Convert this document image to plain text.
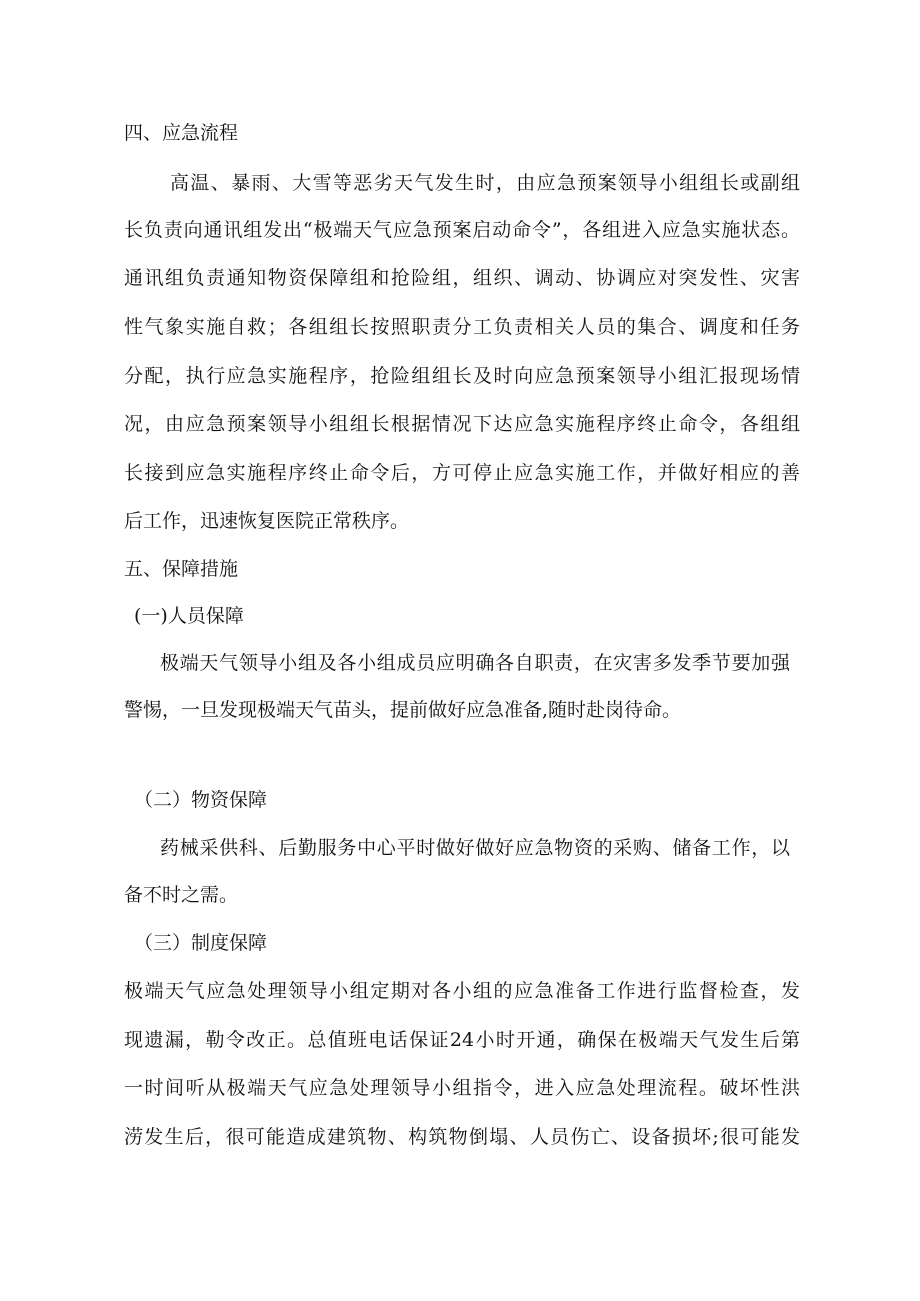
四、应急流程
高温、暴雨、大雪等恶劣天气发生时，由应急预案领导小组组长或副组
长负责向通讯组发出“极端天气应急预案启动命令”，各组进入应急实施状态。
通讯组负责通知物资保障组和抢险组，组织、调动、协调应对突发性、灾害
性气象实施自救；各组组长按照职责分工负责相关人员的集合、调度和任务
分配，执行应急实施程序，抢险组组长及时向应急预案领导小组汇报现场情
况，由应急预案领导小组组长根据情况下达应急实施程序终止命令，各组组
长接到应急实施程序终止命令后，方可停止应急实施工作，并做好相应的善
后工作，迅速恢复医院正常秩序。
五、保障措施
(一)人员保障
极端天气领导小组及各小组成员应明确各自职责，在灾害多发季节要加强
警惕，一旦发现极端天气苗头，提前做好应急准备,随时赴岗待命。
（二）物资保障
药械采供科、后勤服务中心平时做好做好应急物资的采购、储备工作，以
备不时之需。
（三）制度保障
极端天气应急处理领导小组定期对各小组的应急准备工作进行监督检查，发
现遗漏，勒令改正。总值班电话保证24小时开通，确保在极端天气发生后第
一时间听从极端天气应急处理领导小组指令，进入应急处理流程。破坏性洪
涝发生后，很可能造成建筑物、构筑物倒塌、人员伤亡、设备损坏;很可能发
